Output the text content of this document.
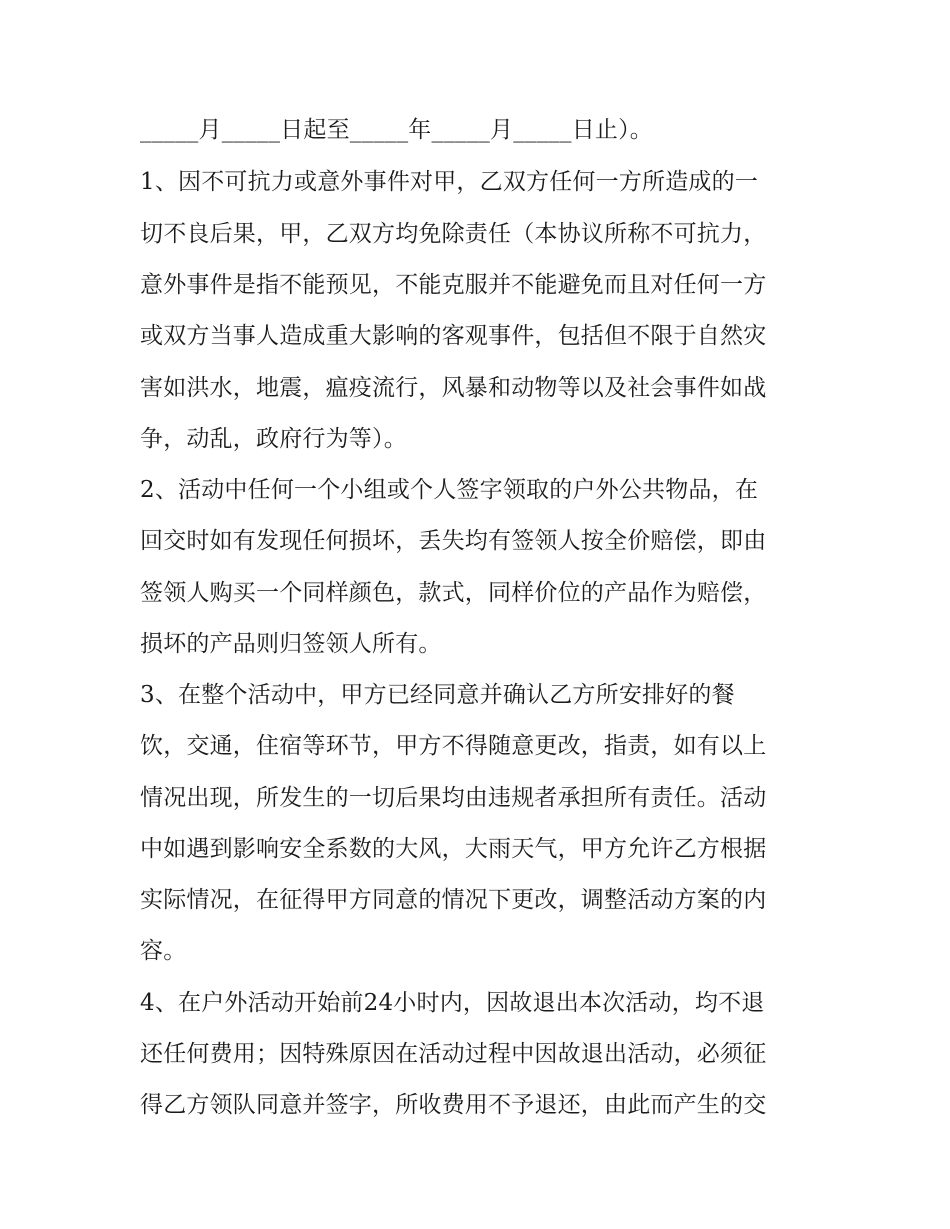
_____月_____日起至_____年_____月_____日止）。
1、因不可抗力或意外事件对甲，乙双方任何一方所造成的一
切不良后果，甲，乙双方均免除责任（本协议所称不可抗力，
意外事件是指不能预见，不能克服并不能避免而且对任何一方
或双方当事人造成重大影响的客观事件，包括但不限于自然灾
害如洪水，地震，瘟疫流行，风暴和动物等以及社会事件如战
争，动乱，政府行为等）。
2、活动中任何一个小组或个人签字领取的户外公共物品，在
回交时如有发现任何损坏，丢失均有签领人按全价赔偿，即由
签领人购买一个同样颜色，款式，同样价位的产品作为赔偿，
损坏的产品则归签领人所有。
3、在整个活动中，甲方已经同意并确认乙方所安排好的餐
饮，交通，住宿等环节，甲方不得随意更改，指责，如有以上
情况出现，所发生的一切后果均由违规者承担所有责任。活动
中如遇到影响安全系数的大风，大雨天气，甲方允许乙方根据
实际情况，在征得甲方同意的情况下更改，调整活动方案的内
容。
4、在户外活动开始前24小时内，因故退出本次活动，均不退
还任何费用；因特殊原因在活动过程中因故退出活动，必须征
得乙方领队同意并签字，所收费用不予退还，由此而产生的交
